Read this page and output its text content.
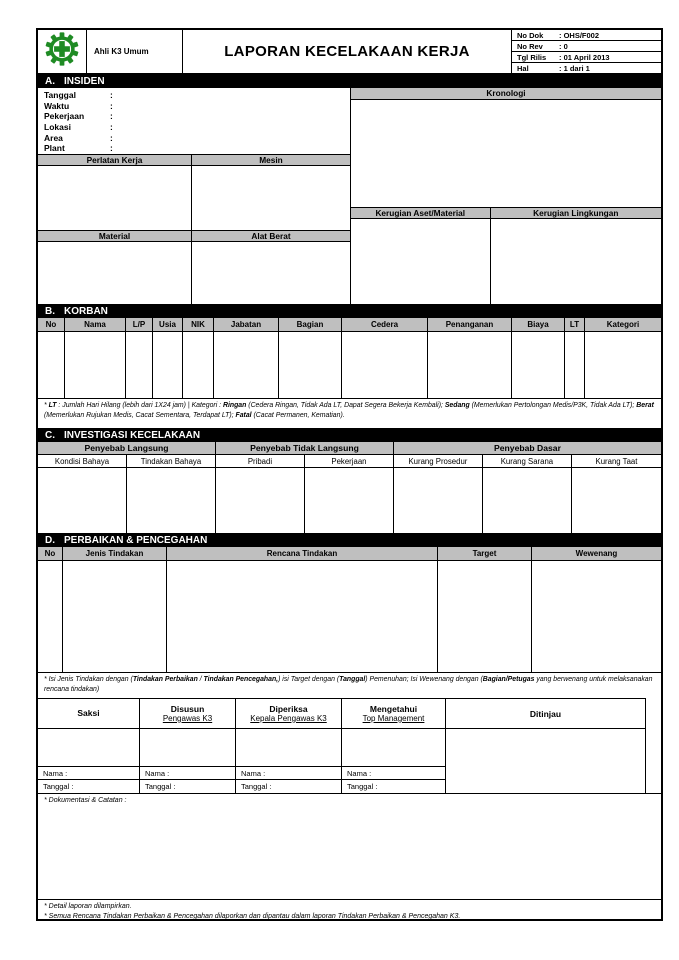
Ahli K3 Umum	LAPORAN KECELAKAAN KERJA
No Dok	: OHS/F002
No Rev	: 0
Tgl Rilis	: 01 April 2013
Hal	: 1 dari 1
A. INSIDEN
Tanggal	:
Waktu	:
Pekerjaan	:
Lokasi	:
Area	:
Plant	:
Perlatan Kerja	Mesin
Material	Alat Berat
Kronologi
Kerugian Aset/Material	Kerugian Lingkungan
B. KORBAN
No	Nama	L/P	Usia	NIK	Jabatan	Bagian	Cedera	Penanganan	Biaya	LT	Kategori
* LT : Jumlah Hari Hilang (lebih dari 1X24 jam) | Kategori : Ringan (Cedera Ringan, Tidak Ada LT, Dapat Segera Bekerja Kembali); Sedang (Memerlukan Pertolongan Medis/P3K, Tidak Ada LT); Berat (Memerlukan Rujukan Medis, Cacat Sementara, Terdapat LT); Fatal (Cacat Permanen, Kematian).
C. INVESTIGASI KECELAKAAN
Penyebab Langsung	Penyebab Tidak Langsung	Penyebab Dasar
Kondisi Bahaya	Tindakan Bahaya	Pribadi	Pekerjaan	Kurang Prosedur	Kurang Sarana	Kurang Taat
D. PERBAIKAN & PENCEGAHAN
No	Jenis Tindakan	Rencana Tindakan	Target	Wewenang
* Isi Jenis Tindakan dengan (Tindakan Perbaikan / Tindakan Pencegahan,) isi Target dengan (Tanggal) Pemenuhan; Isi Wewenang dengan (Bagian/Petugas yang berwenang untuk melaksanakan rencana tindakan)
Saksi
Nama :
Tanggal :
Disusun
Pengawas K3
Nama :
Tanggal :
Diperiksa
Kepala Pengawas K3
Nama :
Tanggal :
Mengetahui
Top Management
Nama :
Tanggal :
Ditinjau
* Dokumentasi & Catatan :
* Detail laporan dilampirkan.
* Semua Rencana Tindakan Perbaikan & Pencegahan dilaporkan dan dipantau dalam laporan Tindakan Perbaikan & Pencegahan K3.
